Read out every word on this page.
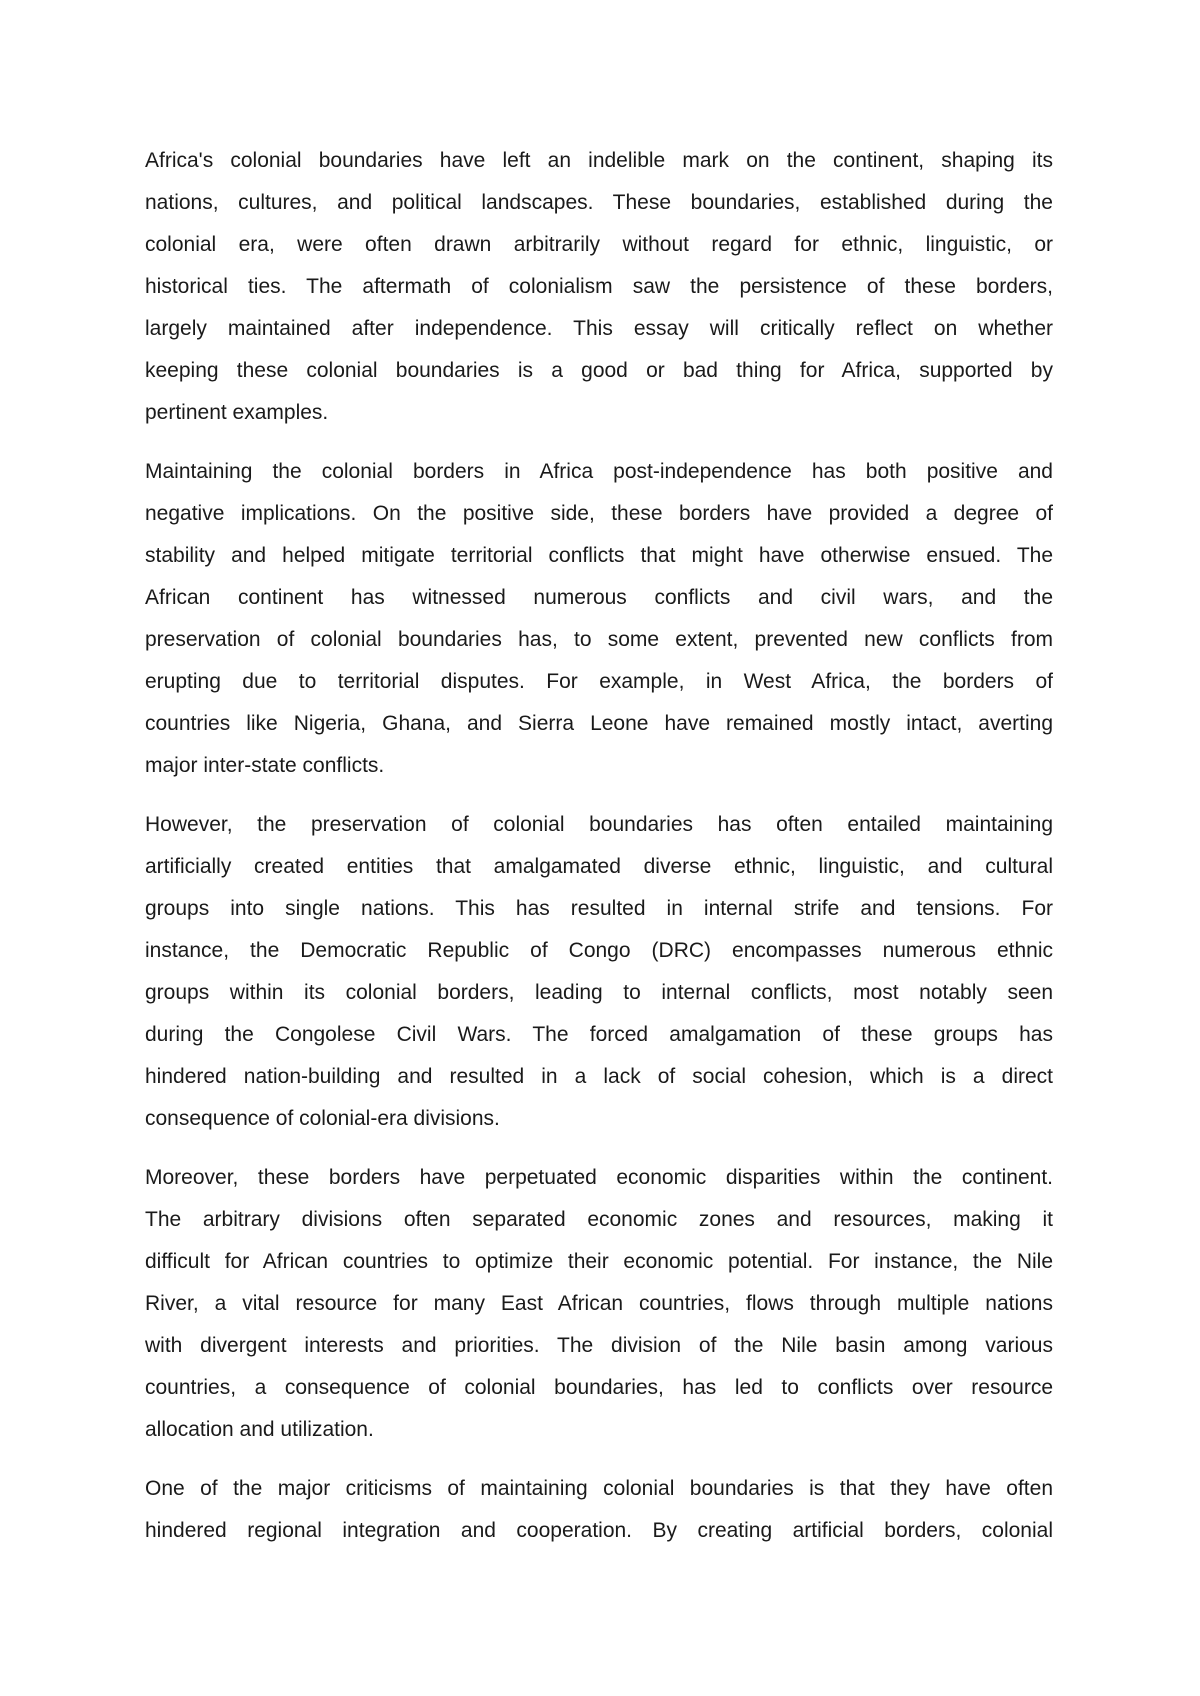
Africa's colonial boundaries have left an indelible mark on the continent, shaping its
nations, cultures, and political landscapes. These boundaries, established during the
colonial era, were often drawn arbitrarily without regard for ethnic, linguistic, or
historical ties. The aftermath of colonialism saw the persistence of these borders,
largely maintained after independence. This essay will critically reflect on whether
keeping these colonial boundaries is a good or bad thing for Africa, supported by
pertinent examples.
Maintaining the colonial borders in Africa post-independence has both positive and
negative implications. On the positive side, these borders have provided a degree of
stability and helped mitigate territorial conflicts that might have otherwise ensued. The
African continent has witnessed numerous conflicts and civil wars, and the
preservation of colonial boundaries has, to some extent, prevented new conflicts from
erupting due to territorial disputes. For example, in West Africa, the borders of
countries like Nigeria, Ghana, and Sierra Leone have remained mostly intact, averting
major inter-state conflicts.
However, the preservation of colonial boundaries has often entailed maintaining
artificially created entities that amalgamated diverse ethnic, linguistic, and cultural
groups into single nations. This has resulted in internal strife and tensions. For
instance, the Democratic Republic of Congo (DRC) encompasses numerous ethnic
groups within its colonial borders, leading to internal conflicts, most notably seen
during the Congolese Civil Wars. The forced amalgamation of these groups has
hindered nation-building and resulted in a lack of social cohesion, which is a direct
consequence of colonial-era divisions.
Moreover, these borders have perpetuated economic disparities within the continent.
The arbitrary divisions often separated economic zones and resources, making it
difficult for African countries to optimize their economic potential. For instance, the Nile
River, a vital resource for many East African countries, flows through multiple nations
with divergent interests and priorities. The division of the Nile basin among various
countries, a consequence of colonial boundaries, has led to conflicts over resource
allocation and utilization.
One of the major criticisms of maintaining colonial boundaries is that they have often
hindered regional integration and cooperation. By creating artificial borders, colonial
